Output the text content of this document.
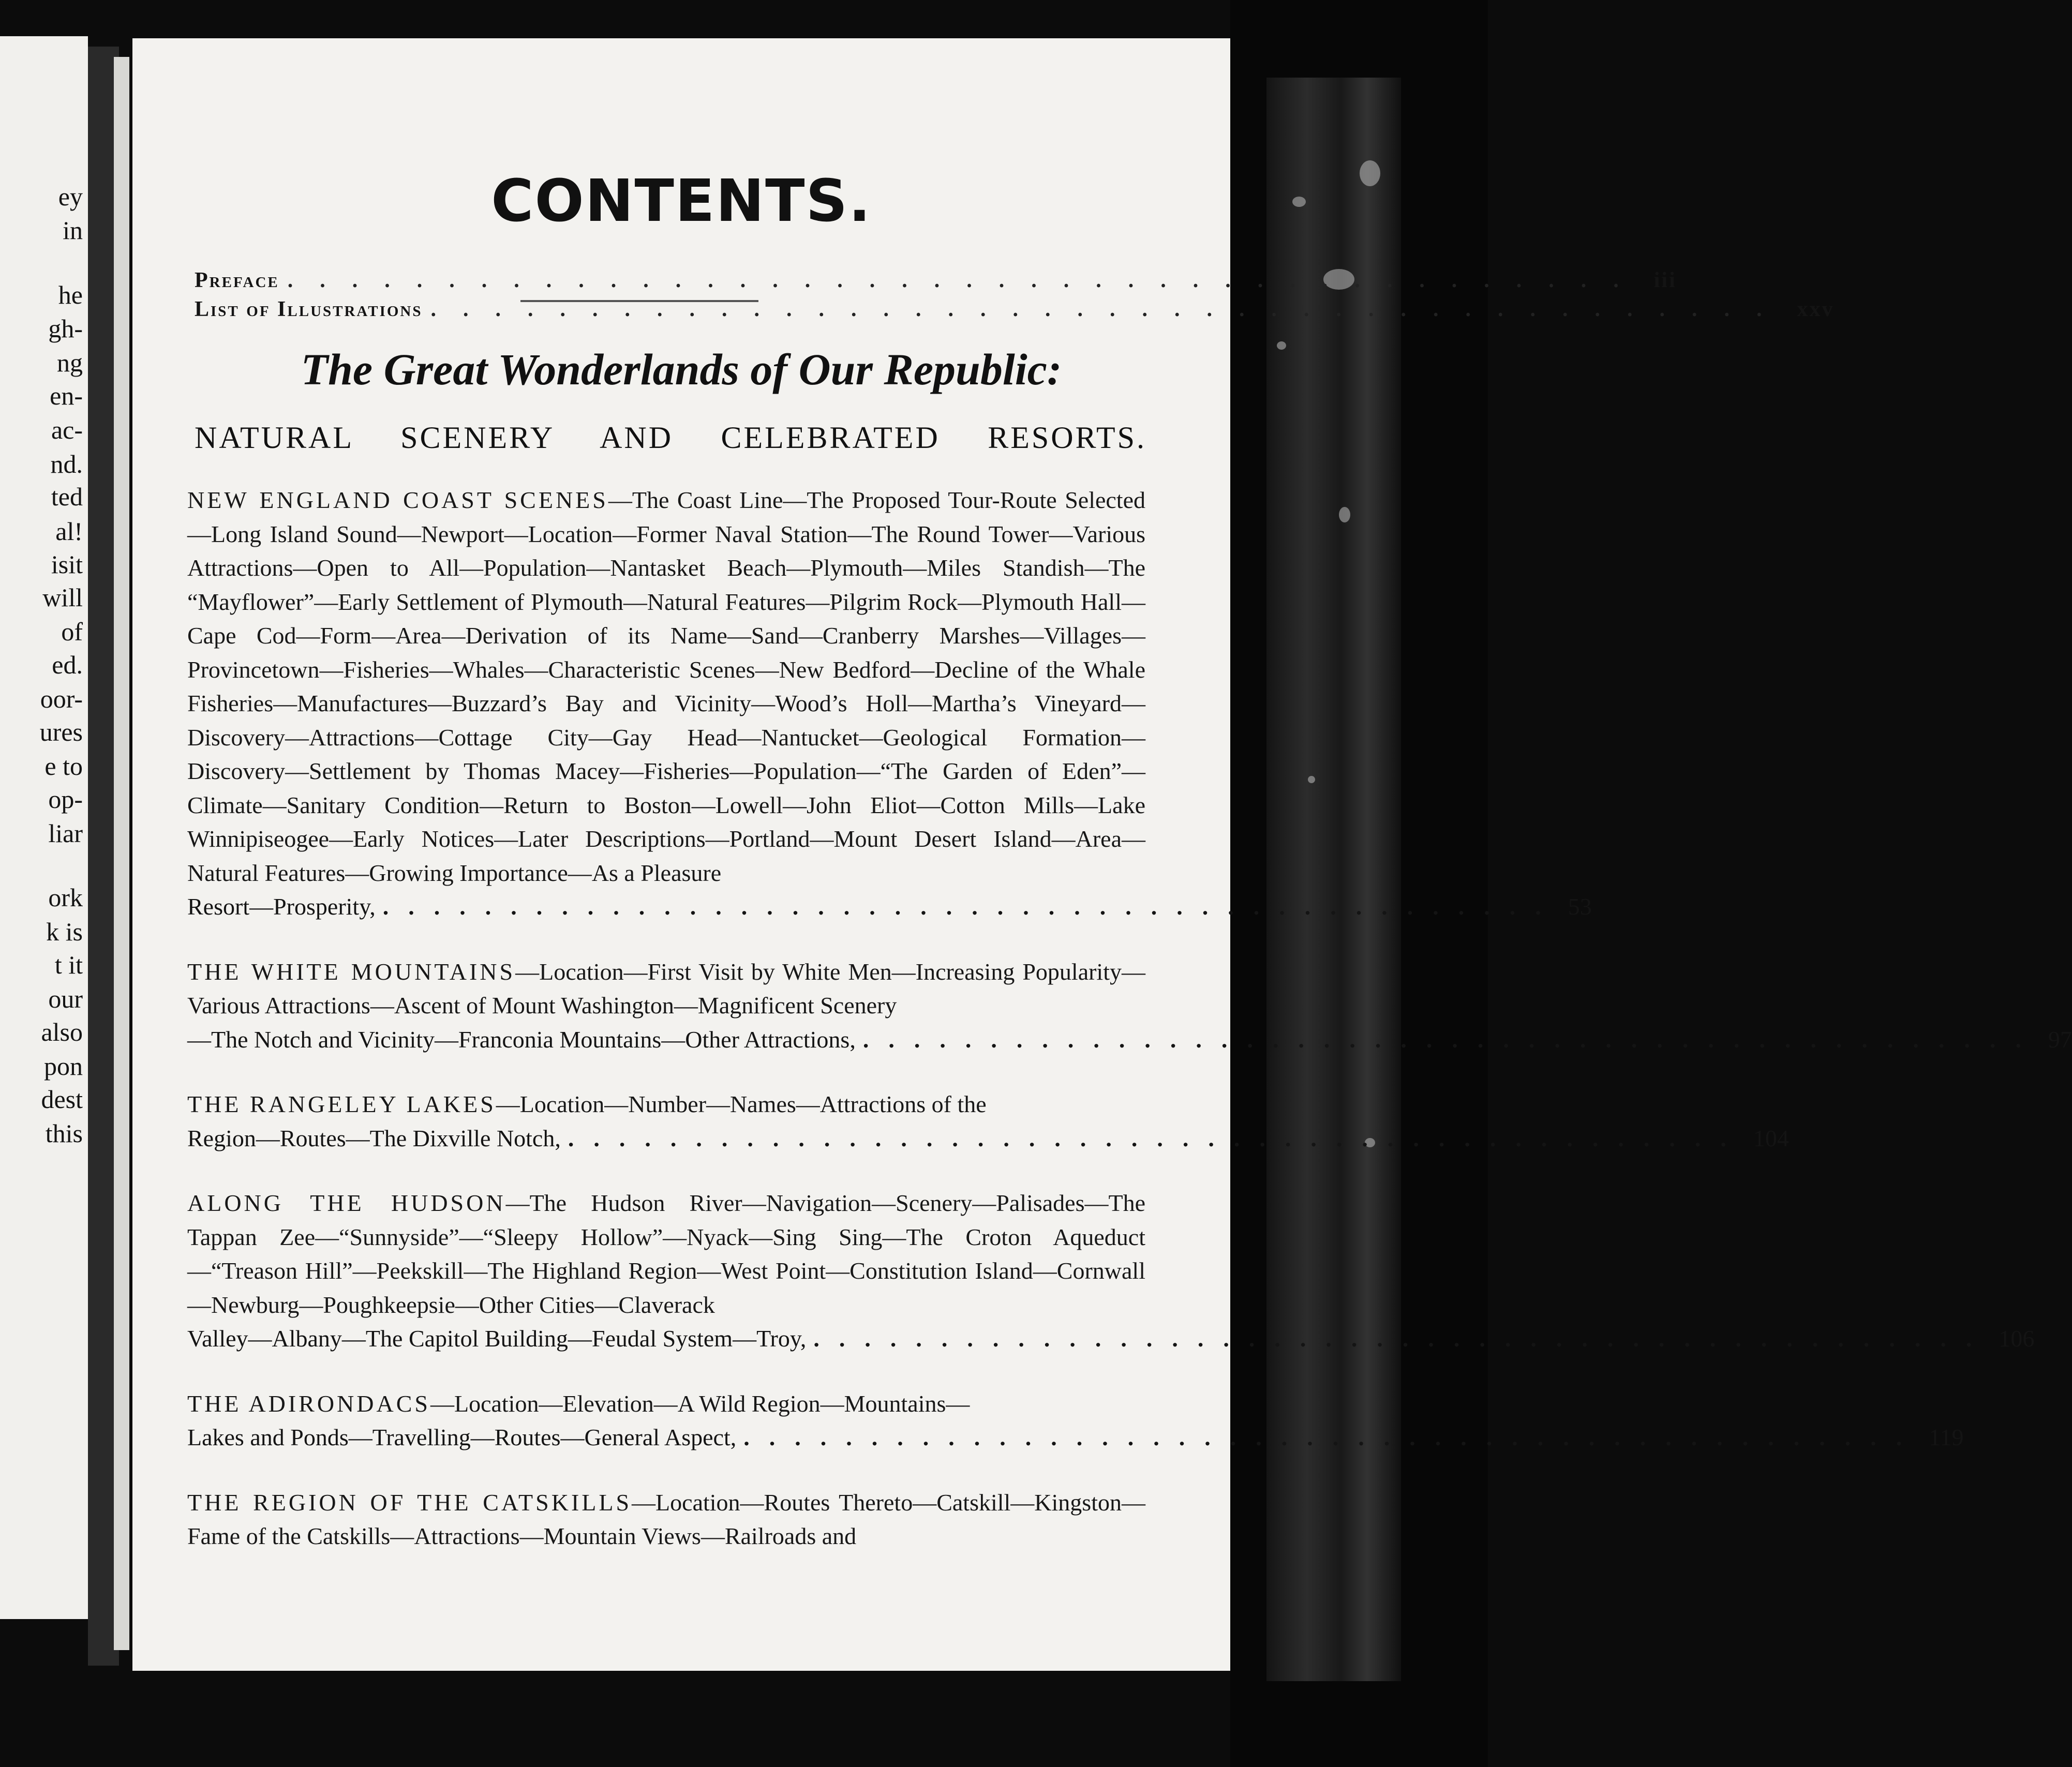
ey
in
he
gh-
ng
en-
ac-
nd.
ted
al!
isit
will
of
ed.
oor-
ures
e to
op-
liar
ork
k is
t it
our
also
pon
dest
this
CONTENTS.
Preface .......................................... iii
List of Illustrations .......................................... xxv
The Great Wonderlands of Our Republic:
NATURAL SCENERY AND CELEBRATED RESORTS.
NEW ENGLAND COAST SCENES—The Coast Line—The Proposed Tour-Route Selected—Long Island Sound—Newport—Location—Former Naval Station—The Round Tower—Various Attractions—Open to All—Population—Nantasket Beach—Plymouth—Miles Standish—The “Mayflower”—Early Settlement of Plymouth—Natural Features—Pilgrim Rock—Plymouth Hall—Cape Cod—Form—Area—Derivation of its Name—Sand—Cranberry Marshes—Villages—Provincetown—Fisheries—Whales—Characteristic Scenes—New Bedford—Decline of the Whale Fisheries—Manufactures—Buzzard’s Bay and Vicinity—Wood’s Holl—Martha’s Vineyard—Discovery—Attractions—Cottage City—Gay Head—Nantucket—Geological Formation—Discovery—Settlement by Thomas Macey—Fisheries—Population—“The Garden of Eden”—Climate—Sanitary Condition—Return to Boston—Lowell—John Eliot—Cotton Mills—Lake Winnipiseogee—Early Notices—Later Descriptions—Portland—Mount Desert Island—Area—Natural Features—Growing Importance—As a Pleasure
Resort—Prosperity, .............................................. 53
THE WHITE MOUNTAINS—Location—First Visit by White Men—Increasing Popularity—Various Attractions—Ascent of Mount Washington—Magnificent Scenery
—The Notch and Vicinity—Franconia Mountains—Other Attractions, .............................................. 97
THE RANGELEY LAKES—Location—Number—Names—Attractions of the
Region—Routes—The Dixville Notch, .............................................. 104
ALONG THE HUDSON—The Hudson River—Navigation—Scenery—Palisades—The Tappan Zee—“Sunnyside”—“Sleepy Hollow”—Nyack—Sing Sing—The Croton Aqueduct—“Treason Hill”—Peekskill—The Highland Region—West Point—Constitution Island—Cornwall—Newburg—Poughkeepsie—Other Cities—Claverack
Valley—Albany—The Capitol Building—Feudal System—Troy, .............................................. 106
THE ADIRONDACS—Location—Elevation—A Wild Region—Mountains—
Lakes and Ponds—Travelling—Routes—General Aspect, .............................................. 119
THE REGION OF THE CATSKILLS—Location—Routes Thereto—Catskill—Kingston—Fame of the Catskills—Attractions—Mountain Views—Railroads and
